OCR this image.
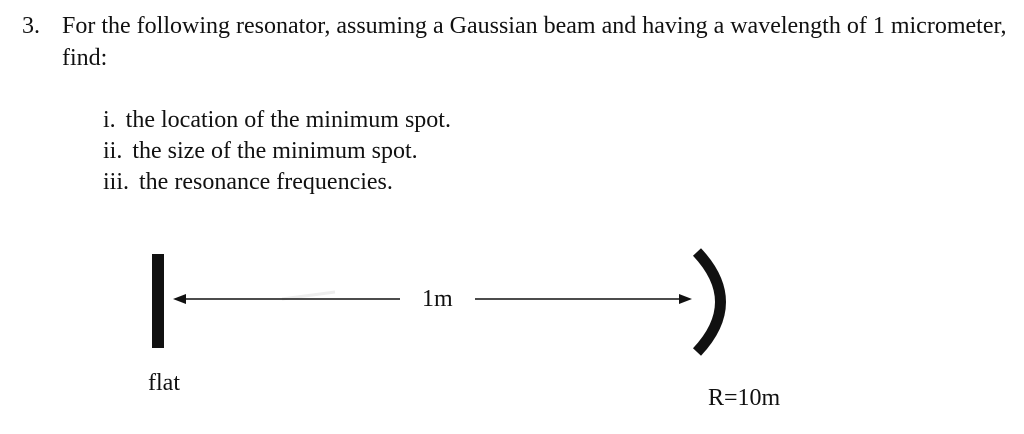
3. For the following resonator, assuming a Gaussian beam and having a wavelength of 1 micrometer, find:
i. the location of the minimum spot.
ii. the size of the minimum spot.
iii. the resonance frequencies.
1m
flat
R=10m
